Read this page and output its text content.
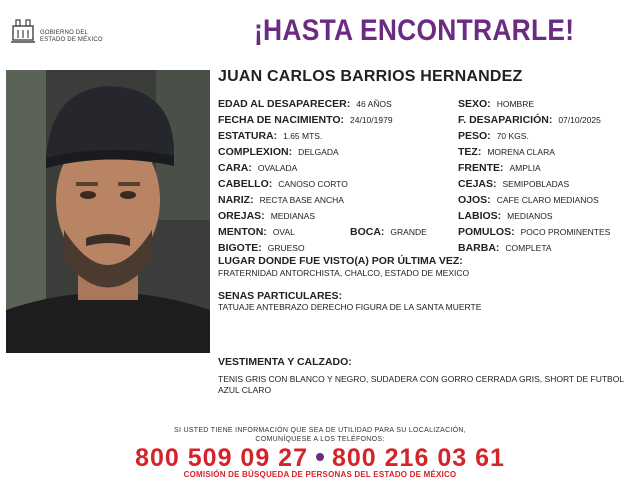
GOBIERNO DEL
ESTADO DE MÉXICO	¡HASTA ENCONTRARLE!
JUAN CARLOS BARRIOS HERNANDEZ
EDAD AL DESAPARECER: 46 AÑOS
FECHA DE NACIMIENTO: 24/10/1979
ESTATURA: 1.65 MTS.
COMPLEXION: DELGADA
CARA: OVALADA
CABELLO: CANOSO CORTO
NARIZ: RECTA BASE ANCHA
OREJAS: MEDIANAS
MENTON: OVAL	BOCA: GRANDE
BIGOTE: GRUESO
SEXO: HOMBRE
F. DESAPARICIÓN: 07/10/2025
PESO: 70 KGS.
TEZ: MORENA CLARA
FRENTE: AMPLIA
CEJAS: SEMIPOBLADAS
OJOS: CAFE CLARO MEDIANOS
LABIOS: MEDIANOS
POMULOS: POCO PROMINENTES
BARBA: COMPLETA
LUGAR DONDE FUE VISTO(A) POR ÚLTIMA VEZ:
FRATERNIDAD ANTORCHISTA, CHALCO, ESTADO DE MEXICO
SENAS PARTICULARES:
TATUAJE ANTEBRAZO DERECHO FIGURA DE LA SANTA MUERTE
VESTIMENTA Y CALZADO:
TENIS GRIS CON BLANCO Y NEGRO, SUDADERA CON GORRO CERRADA GRIS, SHORT DE FUTBOL AZUL CLARO
SI USTED TIENE INFORMACIÓN QUE SEA DE UTILIDAD PARA SU LOCALIZACIÓN,
COMUNÍQUESE A LOS TELÉFONOS:
800 509 09 27 800 216 03 61
COMISIÓN DE BÚSQUEDA DE PERSONAS DEL ESTADO DE MÉXICO
